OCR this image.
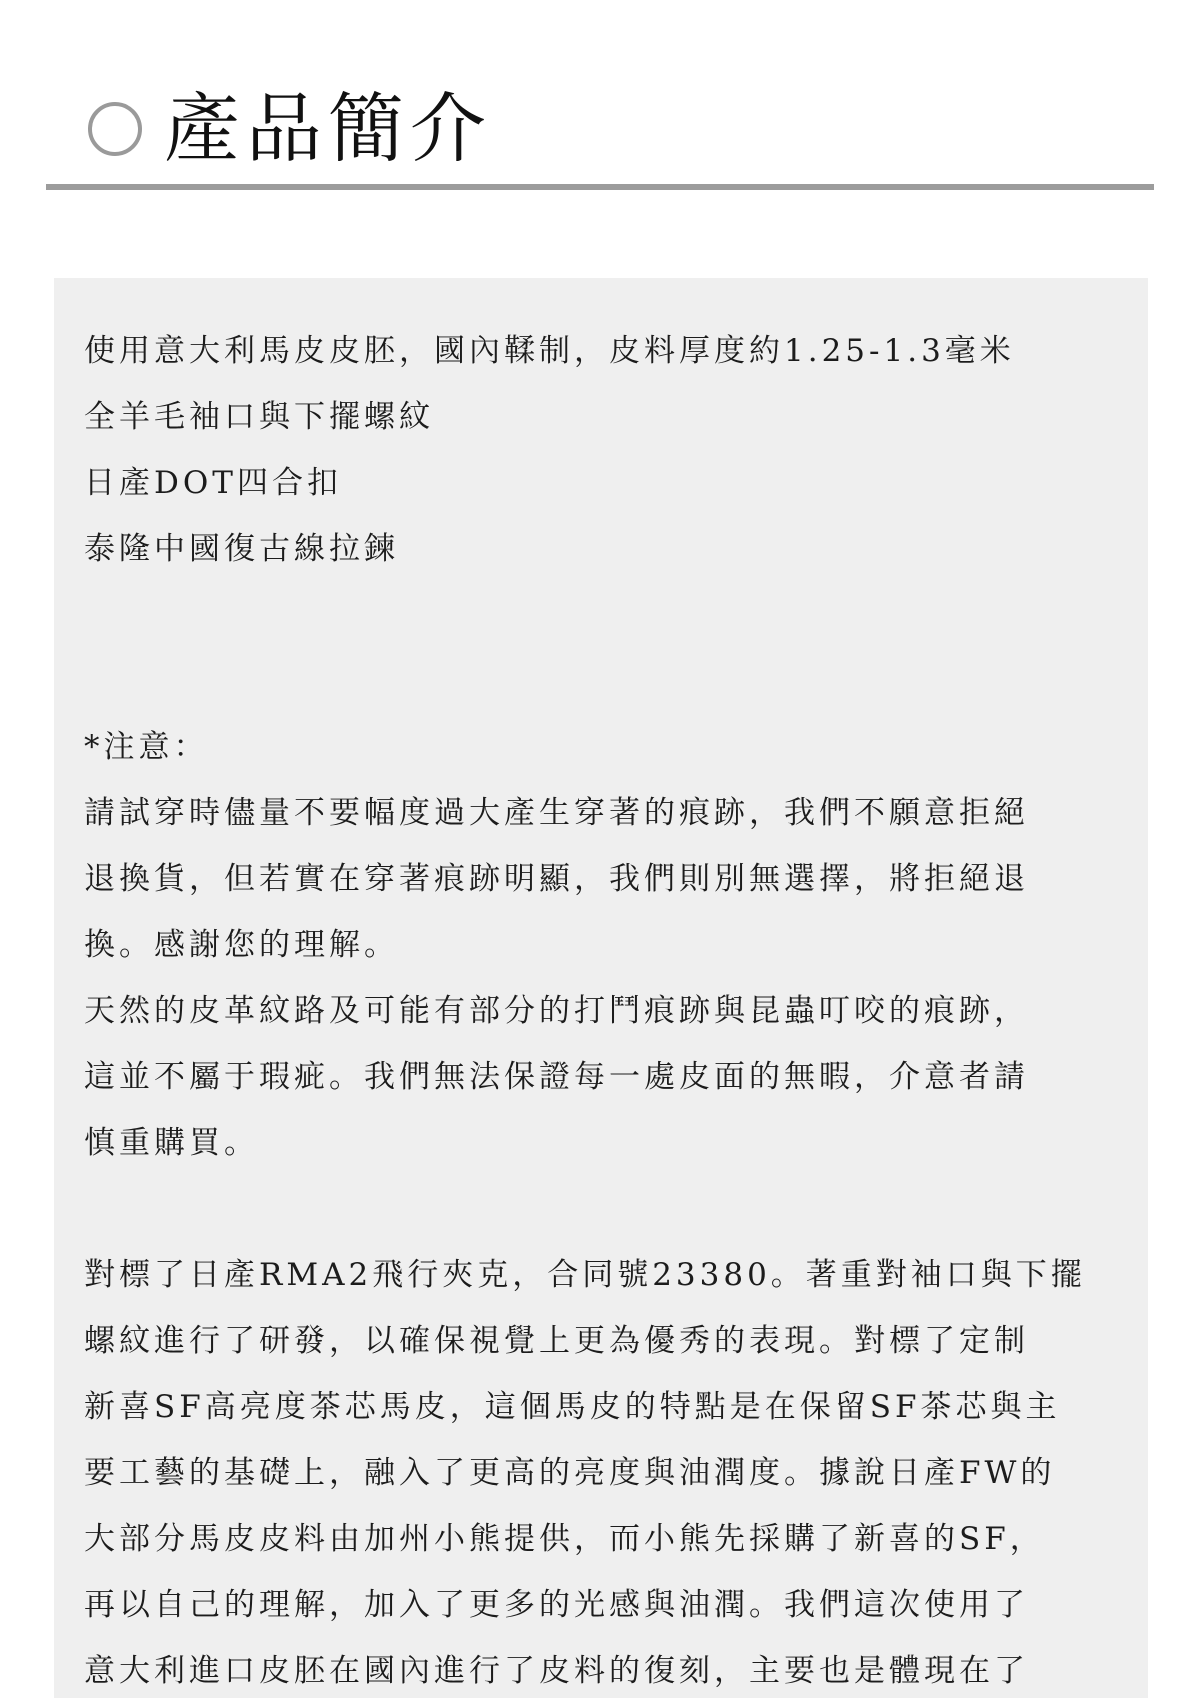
產品簡介

使用意大利馬皮皮胚，國內鞣制，皮料厚度約1.25-1.3毫米

全羊毛袖口與下擺螺紋

日產DOT四合扣

泰隆中國復古線拉鍊

*注意：

請試穿時儘量不要幅度過大產生穿著的痕跡，我們不願意拒絕

退換貨，但若實在穿著痕跡明顯，我們則別無選擇，將拒絕退

換。感謝您的理解。

天然的皮革紋路及可能有部分的打鬥痕跡與昆蟲叮咬的痕跡，

這並不屬于瑕疵。我們無法保證每一處皮面的無暇，介意者請

慎重購買。

對標了日產RMA2飛行夾克，合同號23380。著重對袖口與下擺

螺紋進行了研發，以確保視覺上更為優秀的表現。對標了定制

新喜SF高亮度茶芯馬皮，這個馬皮的特點是在保留SF茶芯與主

要工藝的基礎上，融入了更高的亮度與油潤度。據說日產FW的

大部分馬皮皮料由加州小熊提供，而小熊先採購了新喜的SF，

再以自己的理解，加入了更多的光感與油潤。我們這次使用了

意大利進口皮胚在國內進行了皮料的復刻，主要也是體現在了
